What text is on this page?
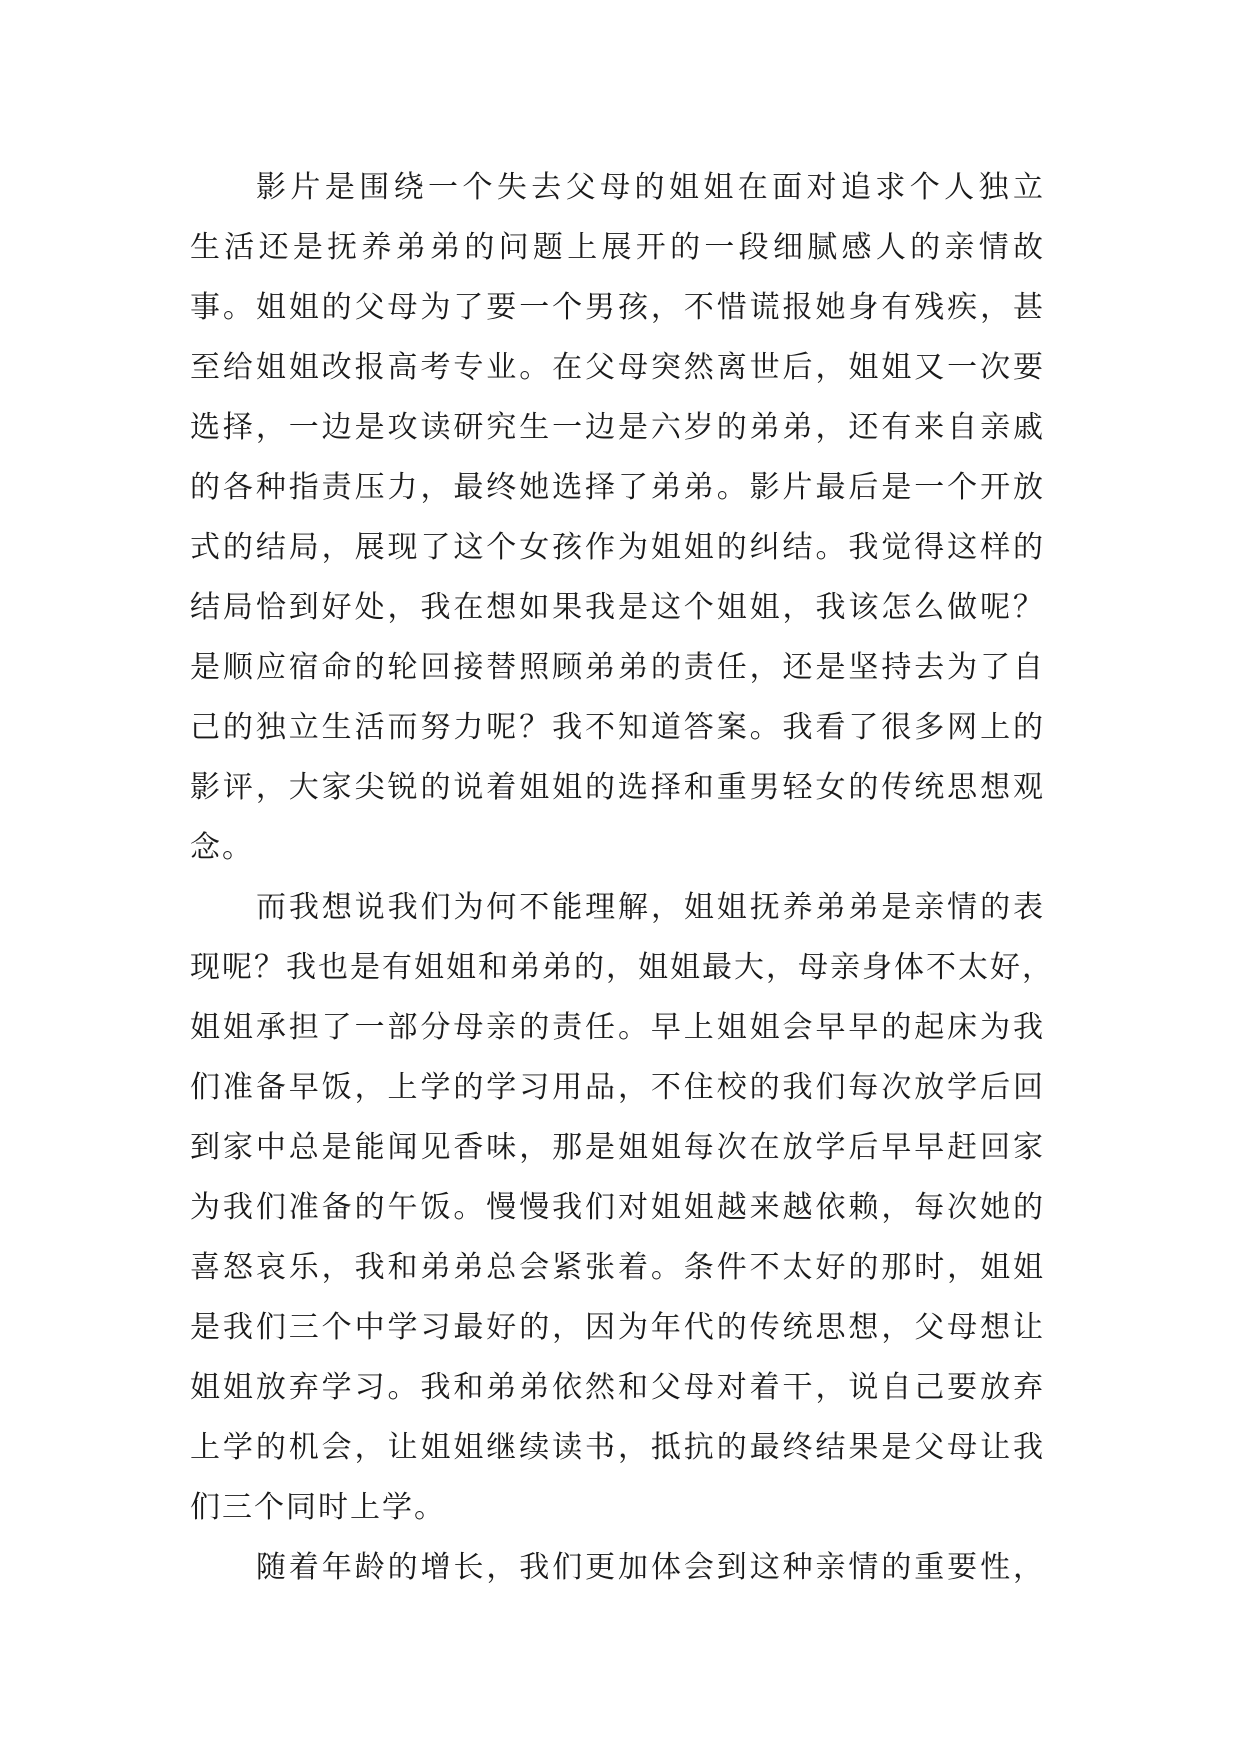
影片是围绕一个失去父母的姐姐在面对追求个人独立
生活还是抚养弟弟的问题上展开的一段细腻感人的亲情故
事。姐姐的父母为了要一个男孩，不惜谎报她身有残疾，甚
至给姐姐改报高考专业。在父母突然离世后，姐姐又一次要
选择，一边是攻读研究生一边是六岁的弟弟，还有来自亲戚
的各种指责压力，最终她选择了弟弟。影片最后是一个开放
式的结局，展现了这个女孩作为姐姐的纠结。我觉得这样的
结局恰到好处，我在想如果我是这个姐姐，我该怎么做呢？
是顺应宿命的轮回接替照顾弟弟的责任，还是坚持去为了自
己的独立生活而努力呢？我不知道答案。我看了很多网上的
影评，大家尖锐的说着姐姐的选择和重男轻女的传统思想观
念。
而我想说我们为何不能理解，姐姐抚养弟弟是亲情的表
现呢？我也是有姐姐和弟弟的，姐姐最大，母亲身体不太好，
姐姐承担了一部分母亲的责任。早上姐姐会早早的起床为我
们准备早饭，上学的学习用品，不住校的我们每次放学后回
到家中总是能闻见香味，那是姐姐每次在放学后早早赶回家
为我们准备的午饭。慢慢我们对姐姐越来越依赖，每次她的
喜怒哀乐，我和弟弟总会紧张着。条件不太好的那时，姐姐
是我们三个中学习最好的，因为年代的传统思想，父母想让
姐姐放弃学习。我和弟弟依然和父母对着干，说自己要放弃
上学的机会，让姐姐继续读书，抵抗的最终结果是父母让我
们三个同时上学。
随着年龄的增长，我们更加体会到这种亲情的重要性，
